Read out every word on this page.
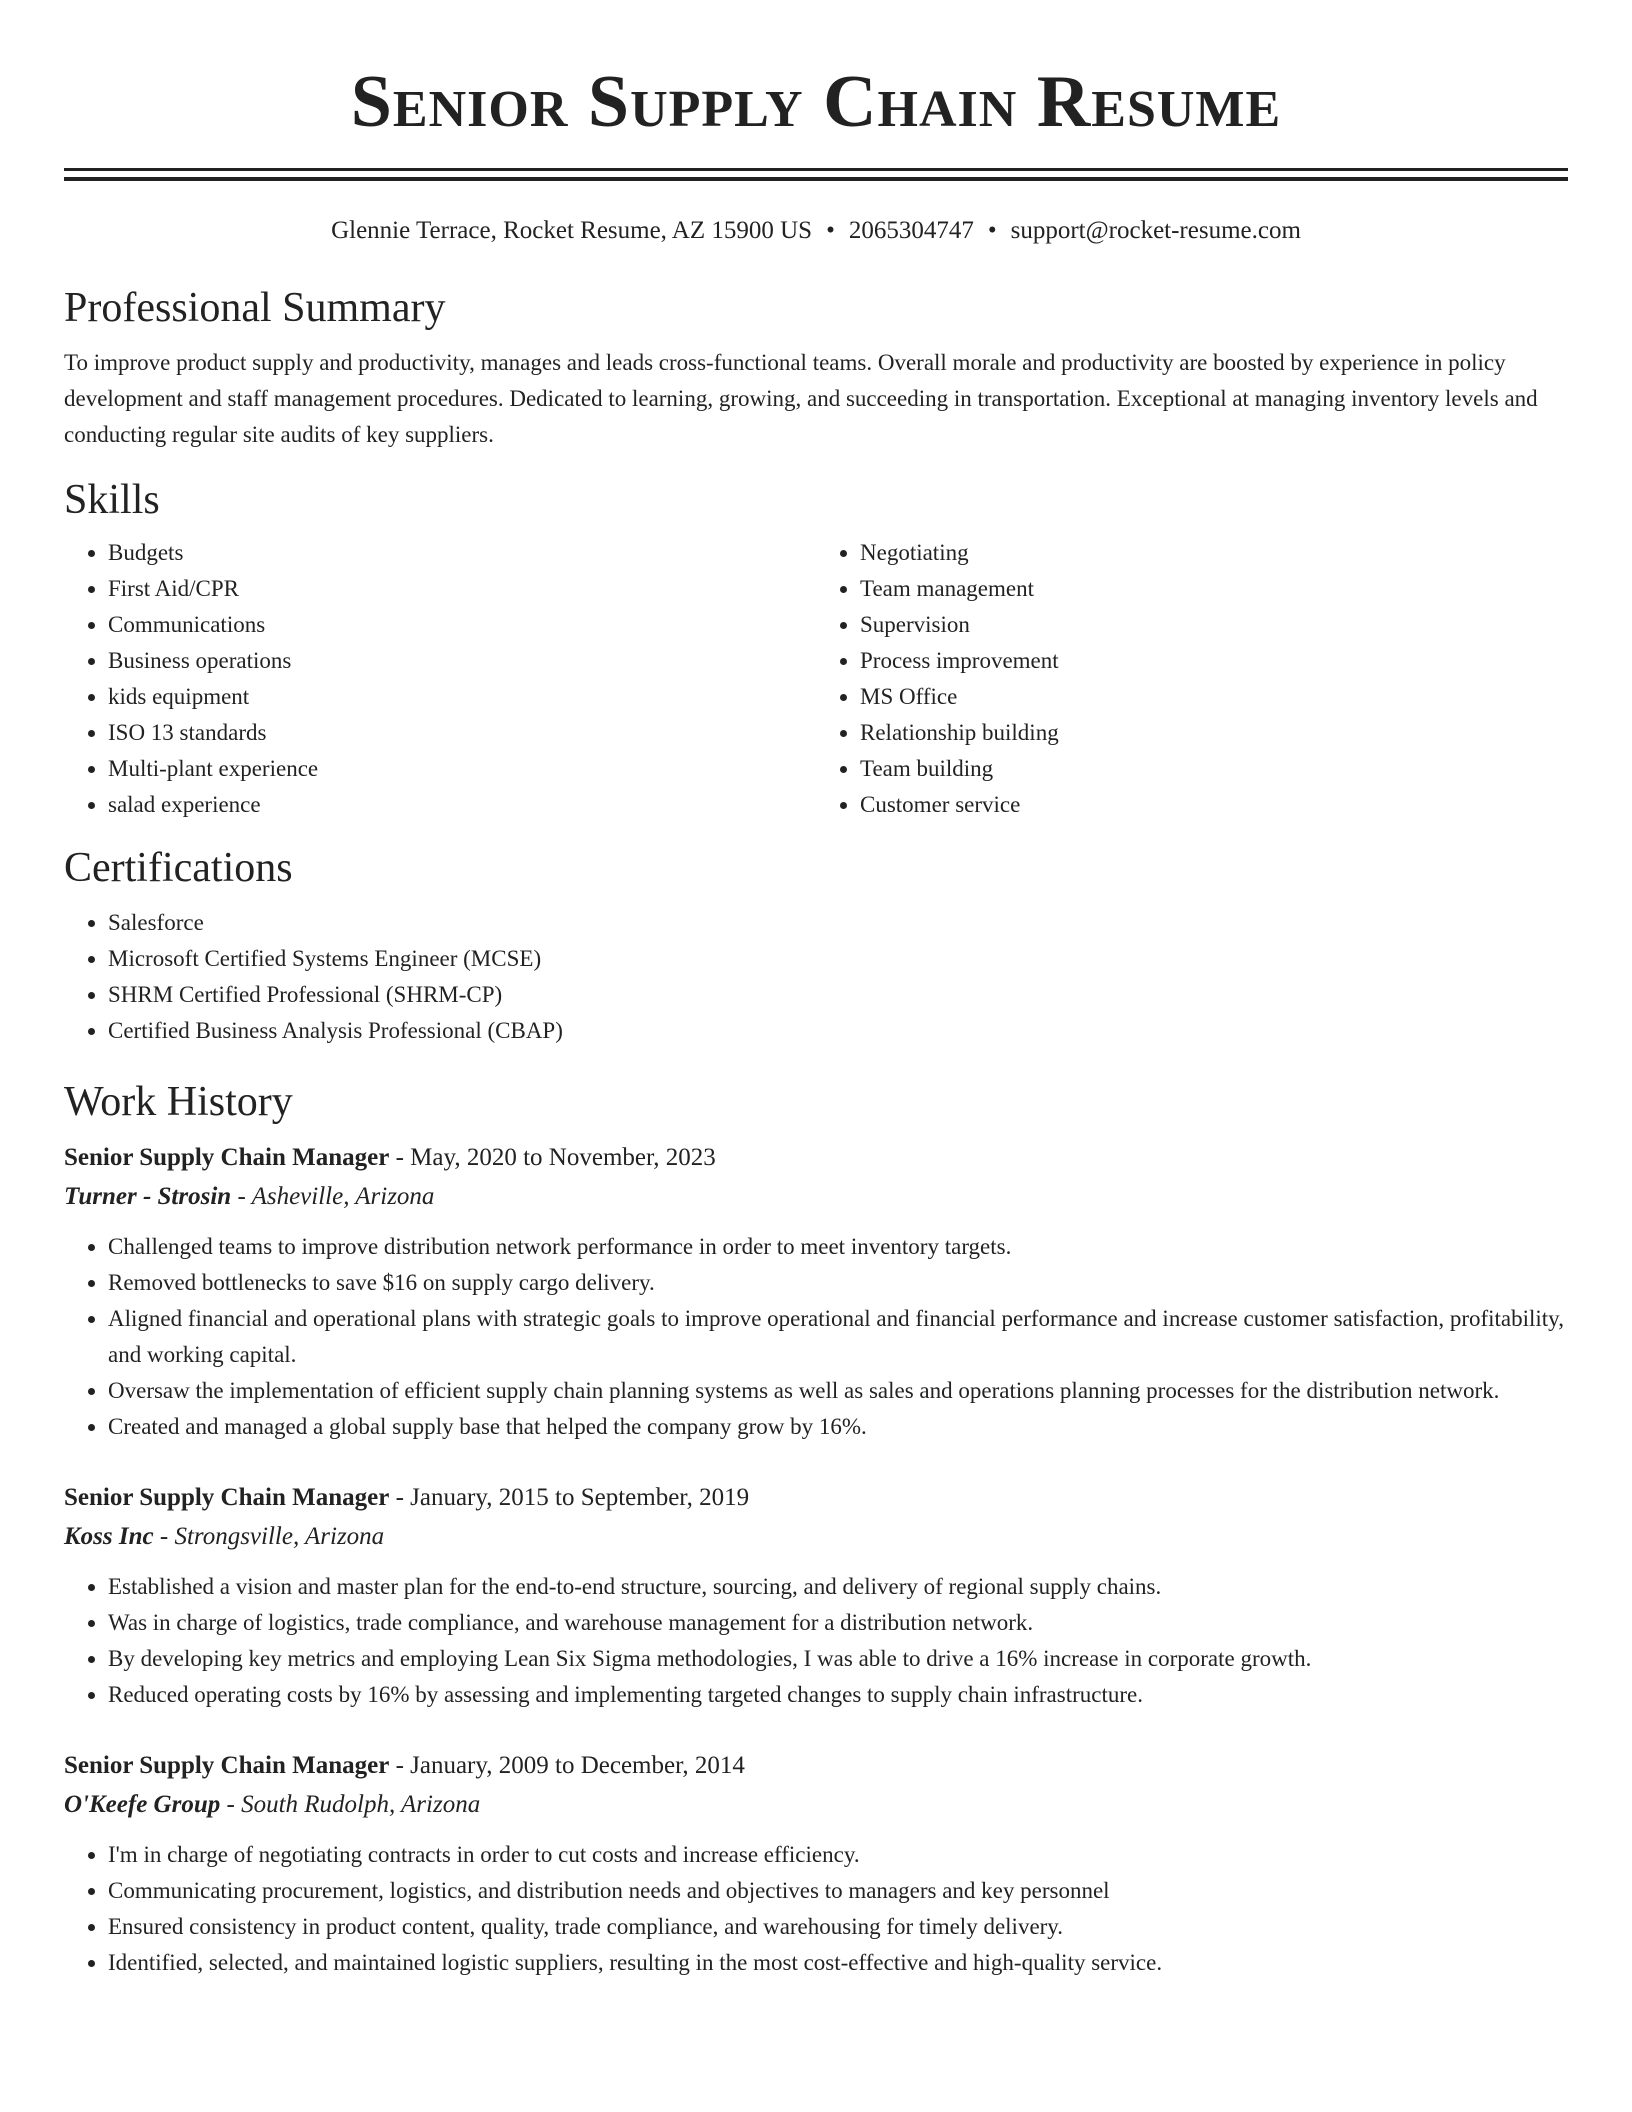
Senior Supply Chain Resume
Glennie Terrace, Rocket Resume, AZ 15900 US • 2065304747 • support@rocket-resume.com
Professional Summary

To improve product supply and productivity, manages and leads cross-functional teams. Overall morale and productivity are boosted by experience in policy development and staff management procedures. Dedicated to learning, growing, and succeeding in transportation. Exceptional at managing inventory levels and conducting regular site audits of key suppliers.

Skills
• Budgets
• First Aid/CPR
• Communications
• Business operations
• kids equipment
• ISO 13 standards
• Multi-plant experience
• salad experience
• Negotiating
• Team management
• Supervision
• Process improvement
• MS Office
• Relationship building
• Team building
• Customer service
Certifications
• Salesforce
• Microsoft Certified Systems Engineer (MCSE)
• SHRM Certified Professional (SHRM-CP)
• Certified Business Analysis Professional (CBAP)
Work History
Senior Supply Chain Manager - May, 2020 to November, 2023
Turner - Strosin - Asheville, Arizona
• Challenged teams to improve distribution network performance in order to meet inventory targets.
• Removed bottlenecks to save $16 on supply cargo delivery.
• Aligned financial and operational plans with strategic goals to improve operational and financial performance and increase customer satisfaction, profitability, and working capital.
• Oversaw the implementation of efficient supply chain planning systems as well as sales and operations planning processes for the distribution network.
• Created and managed a global supply base that helped the company grow by 16%.
Senior Supply Chain Manager - January, 2015 to September, 2019
Koss Inc - Strongsville, Arizona
• Established a vision and master plan for the end-to-end structure, sourcing, and delivery of regional supply chains.
• Was in charge of logistics, trade compliance, and warehouse management for a distribution network.
• By developing key metrics and employing Lean Six Sigma methodologies, I was able to drive a 16% increase in corporate growth.
• Reduced operating costs by 16% by assessing and implementing targeted changes to supply chain infrastructure.
Senior Supply Chain Manager - January, 2009 to December, 2014
O'Keefe Group - South Rudolph, Arizona
• I'm in charge of negotiating contracts in order to cut costs and increase efficiency.
• Communicating procurement, logistics, and distribution needs and objectives to managers and key personnel
• Ensured consistency in product content, quality, trade compliance, and warehousing for timely delivery.
• Identified, selected, and maintained logistic suppliers, resulting in the most cost-effective and high-quality service.
